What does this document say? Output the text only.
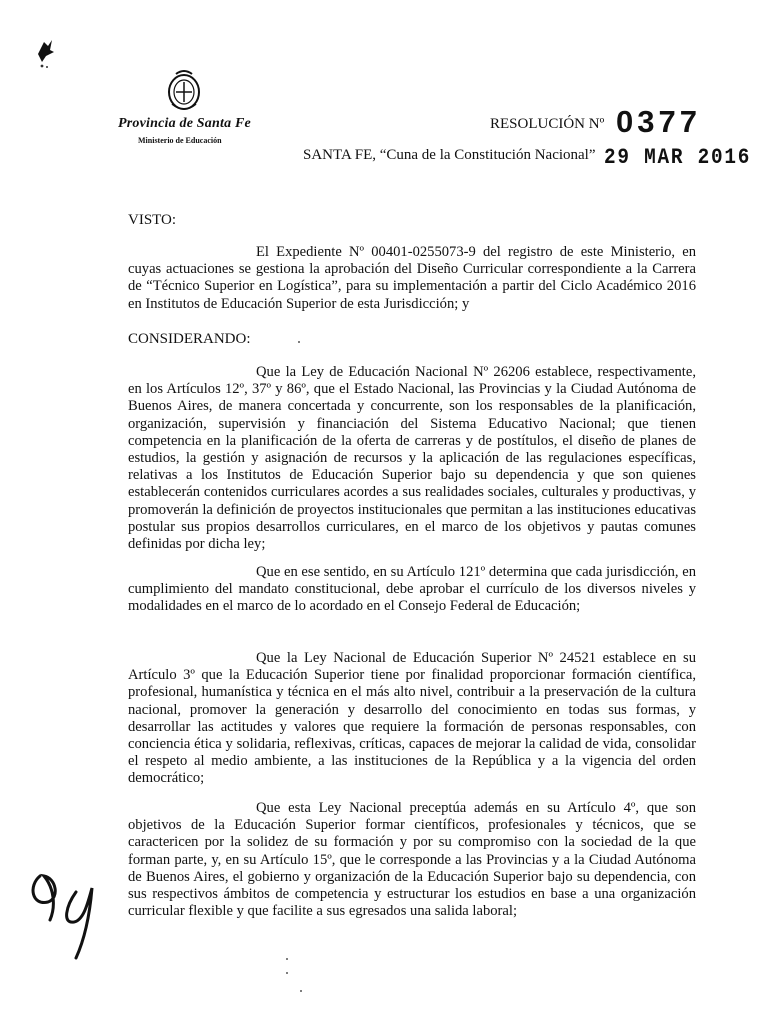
Provincia de Santa Fe
Ministerio de Educación
RESOLUCIÓN Nº 0377
SANTA FE, “Cuna de la Constitución Nacional” 29 MAR 2016
VISTO:

El Expediente Nº 00401-0255073-9 del registro de este Ministerio, en cuyas actuaciones se gestiona la aprobación del Diseño Curricular correspondiente a la Carrera de “Técnico Superior en Logística”, para su implementación a partir del Ciclo Académico 2016 en Institutos de Educación Superior de esta Jurisdicción; y

CONSIDERANDO:

Que la Ley de Educación Nacional Nº 26206 establece, respectivamente, en los Artículos 12º, 37º y 86º, que el Estado Nacional, las Provincias y la Ciudad Autónoma de Buenos Aires, de manera concertada y concurrente, son los responsables de la planificación, organización, supervisión y financiación del Sistema Educativo Nacional; que tienen competencia en la planificación de la oferta de carreras y de postítulos, el diseño de planes de estudios, la gestión y asignación de recursos y la aplicación de las regulaciones específicas, relativas a los Institutos de Educación Superior bajo su dependencia y que son quienes establecerán contenidos curriculares acordes a sus realidades sociales, culturales y productivas, y promoverán la definición de proyectos institucionales que permitan a las instituciones educativas postular sus propios desarrollos curriculares, en el marco de los objetivos y pautas comunes definidas por dicha ley;

Que en ese sentido, en su Artículo 121º determina que cada jurisdicción, en cumplimiento del mandato constitucional, debe aprobar el currículo de los diversos niveles y modalidades en el marco de lo acordado en el Consejo Federal de Educación;

Que la Ley Nacional de Educación Superior Nº 24521 establece en su Artículo 3º que la Educación Superior tiene por finalidad proporcionar formación científica, profesional, humanística y técnica en el más alto nivel, contribuir a la preservación de la cultura nacional, promover la generación y desarrollo del conocimiento en todas sus formas, y desarrollar las actitudes y valores que requiere la formación de personas responsables, con conciencia ética y solidaria, reflexivas, críticas, capaces de mejorar la calidad de vida, consolidar el respeto al medio ambiente, a las instituciones de la República y a la vigencia del orden democrático;

Que esta Ley Nacional preceptúa además en su Artículo 4º, que son objetivos de la Educación Superior formar científicos, profesionales y técnicos, que se caractericen por la solidez de su formación y por su compromiso con la sociedad de la que forman parte, y, en su Artículo 15º, que le corresponde a las Provincias y a la Ciudad Autónoma de Buenos Aires, el gobierno y organización de la Educación Superior bajo su dependencia, con sus respectivos ámbitos de competencia y estructurar los estudios en base a una organización curricular flexible y que facilite a sus egresados una salida laboral;
